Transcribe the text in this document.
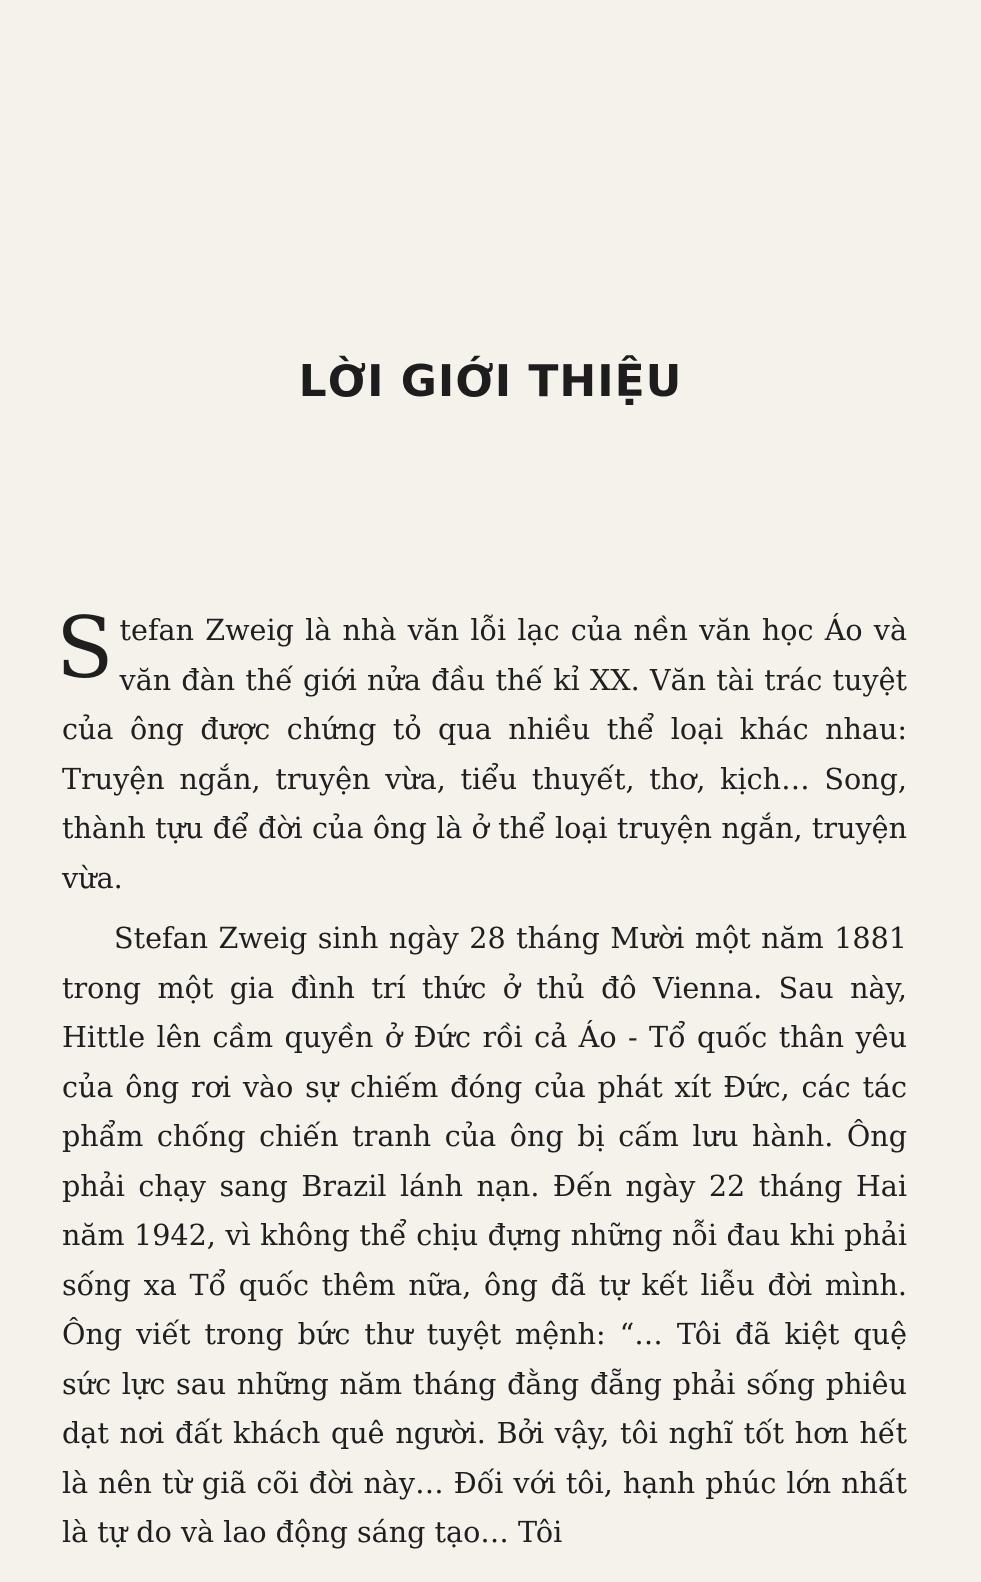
LỜI GIỚI THIỆU

Stefan Zweig là nhà văn lỗi lạc của nền văn học Áo và văn đàn thế giới nửa đầu thế kỉ XX. Văn tài trác tuyệt của ông được chứng tỏ qua nhiều thể loại khác nhau: Truyện ngắn, truyện vừa, tiểu thuyết, thơ, kịch… Song, thành tựu để đời của ông là ở thể loại truyện ngắn, truyện vừa.

Stefan Zweig sinh ngày 28 tháng Mười một năm 1881 trong một gia đình trí thức ở thủ đô Vienna. Sau này, Hittle lên cầm quyền ở Đức rồi cả Áo - Tổ quốc thân yêu của ông rơi vào sự chiếm đóng của phát xít Đức, các tác phẩm chống chiến tranh của ông bị cấm lưu hành. Ông phải chạy sang Brazil lánh nạn. Đến ngày 22 tháng Hai năm 1942, vì không thể chịu đựng những nỗi đau khi phải sống xa Tổ quốc thêm nữa, ông đã tự kết liễu đời mình. Ông viết trong bức thư tuyệt mệnh: “… Tôi đã kiệt quệ sức lực sau những năm tháng đằng đẵng phải sống phiêu dạt nơi đất khách quê người. Bởi vậy, tôi nghĩ tốt hơn hết là nên từ giã cõi đời này… Đối với tôi, hạnh phúc lớn nhất là tự do và lao động sáng tạo… Tôi
